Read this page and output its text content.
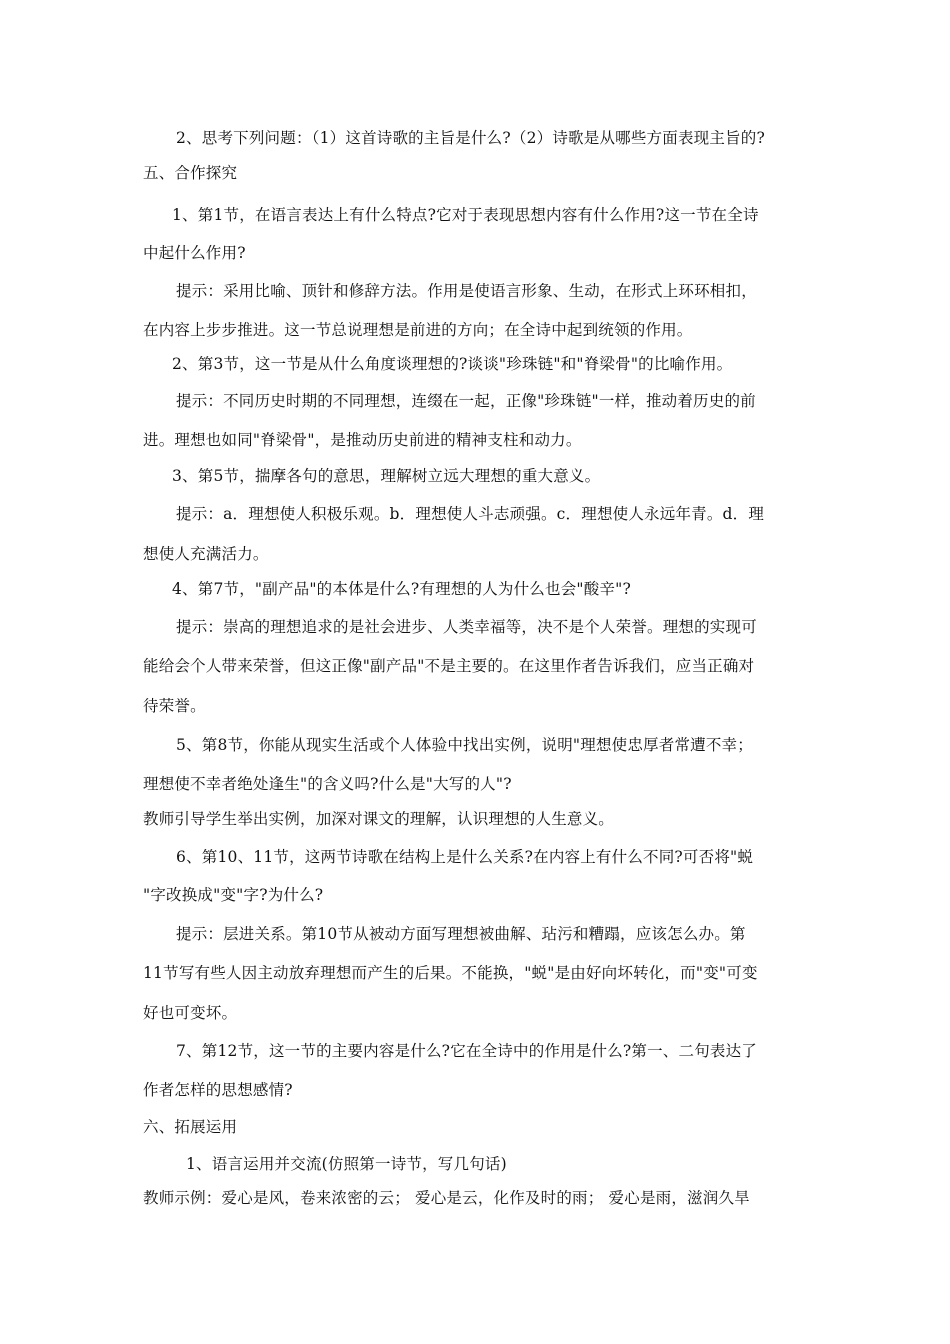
2、思考下列问题：（1）这首诗歌的主旨是什么?（2）诗歌是从哪些方面表现主旨的?
五、合作探究
1、第1节，在语言表达上有什么特点?它对于表现思想内容有什么作用?这一节在全诗
中起什么作用?
提示：采用比喻、顶针和修辞方法。作用是使语言形象、生动，在形式上环环相扣，
在内容上步步推进。这一节总说理想是前进的方向；在全诗中起到统领的作用。
2、第3节，这一节是从什么角度谈理想的?谈谈"珍珠链"和"脊梁骨"的比喻作用。
提示：不同历史时期的不同理想，连缀在一起，正像"珍珠链"一样，推动着历史的前
进。理想也如同"脊梁骨"，是推动历史前进的精神支柱和动力。
3、第5节，揣摩各句的意思，理解树立远大理想的重大意义。
提示：a．理想使人积极乐观。b．理想使人斗志顽强。c．理想使人永远年青。d．理
想使人充满活力。
4、第7节，"副产品"的本体是什么?有理想的人为什么也会"酸辛"?
提示：崇高的理想追求的是社会进步、人类幸福等，决不是个人荣誉。理想的实现可
能给会个人带来荣誉，但这正像"副产品"不是主要的。在这里作者告诉我们，应当正确对
待荣誉。
5、第8节，你能从现实生活或个人体验中找出实例，说明"理想使忠厚者常遭不幸；
理想使不幸者绝处逢生"的含义吗?什么是"大写的人"?
教师引导学生举出实例，加深对课文的理解，认识理想的人生意义。
6、第10、11节，这两节诗歌在结构上是什么关系?在内容上有什么不同?可否将"蜕
"字改换成"变"字?为什么?
提示：层进关系。第10节从被动方面写理想被曲解、玷污和糟蹋，应该怎么办。第
11节写有些人因主动放弃理想而产生的后果。不能换，"蜕"是由好向坏转化，而"变"可变
好也可变坏。
7、第12节，这一节的主要内容是什么?它在全诗中的作用是什么?第一、二句表达了
作者怎样的思想感情?
六、拓展运用
1、语言运用并交流(仿照第一诗节，写几句话)
教师示例：爱心是风，卷来浓密的云； 爱心是云，化作及时的雨； 爱心是雨，滋润久旱
